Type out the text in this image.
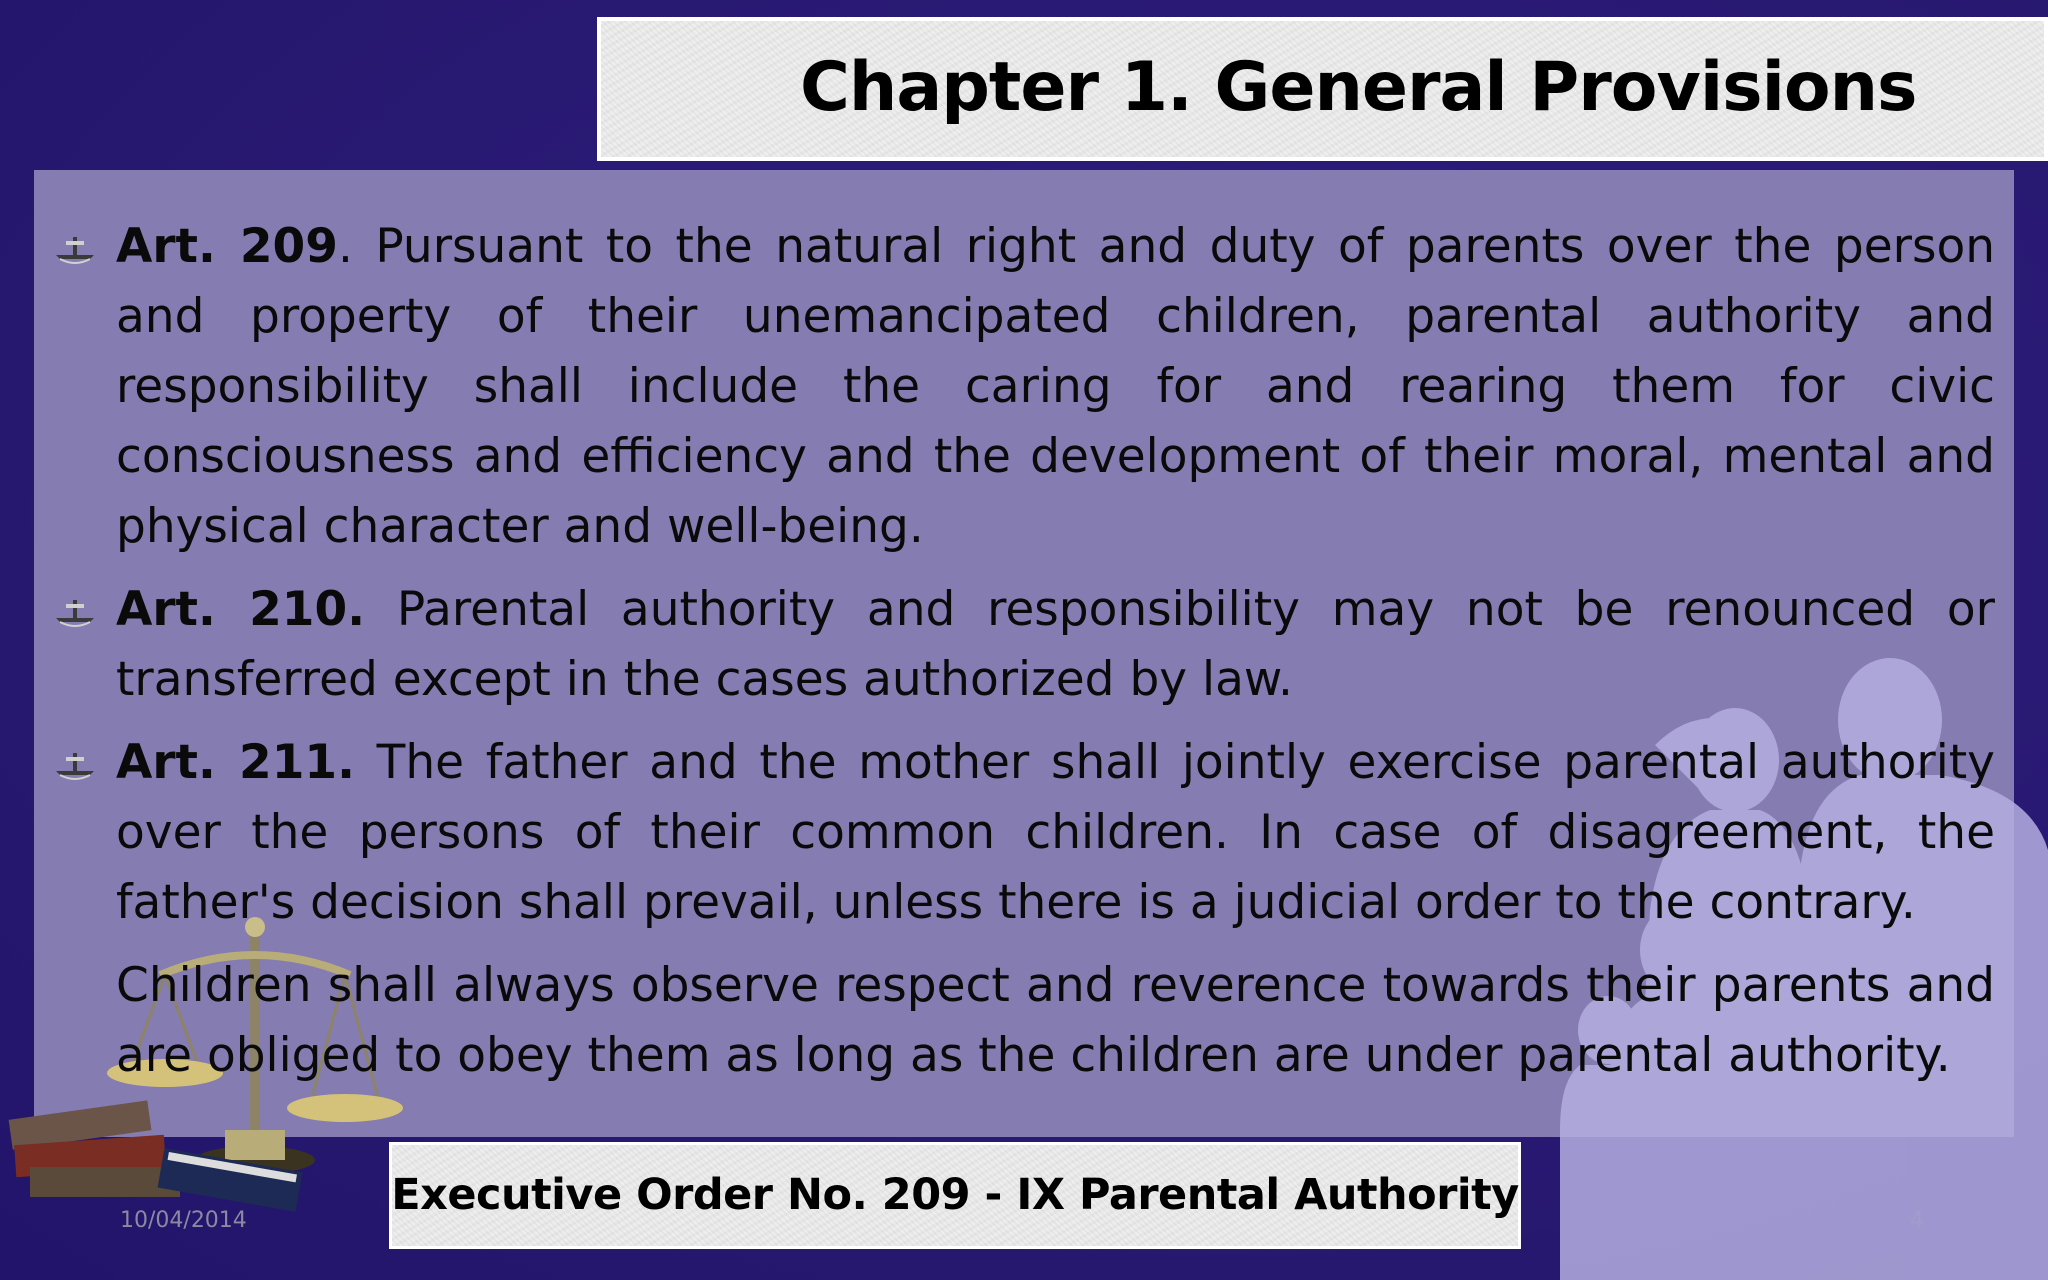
Chapter 1. General Provisions
Art. 209. Pursuant to the natural right and duty of parents over the person and property of their unemancipated children, parental authority and responsibility shall include the caring for and rearing them for civic consciousness and efficiency and the development of their moral, mental and physical character and well-being.
Art. 210. Parental authority and responsibility may not be renounced or transferred except in the cases authorized by law.
Art. 211. The father and the mother shall jointly exercise parental authority over the persons of their common children. In case of disagreement, the father's decision shall prevail, unless there is a judicial order to the contrary.
Children shall always observe respect and reverence towards their parents and are obliged to obey them as long as the children are under parental authority.
Executive Order No. 209 - IX Parental Authority
10/04/2014	4
